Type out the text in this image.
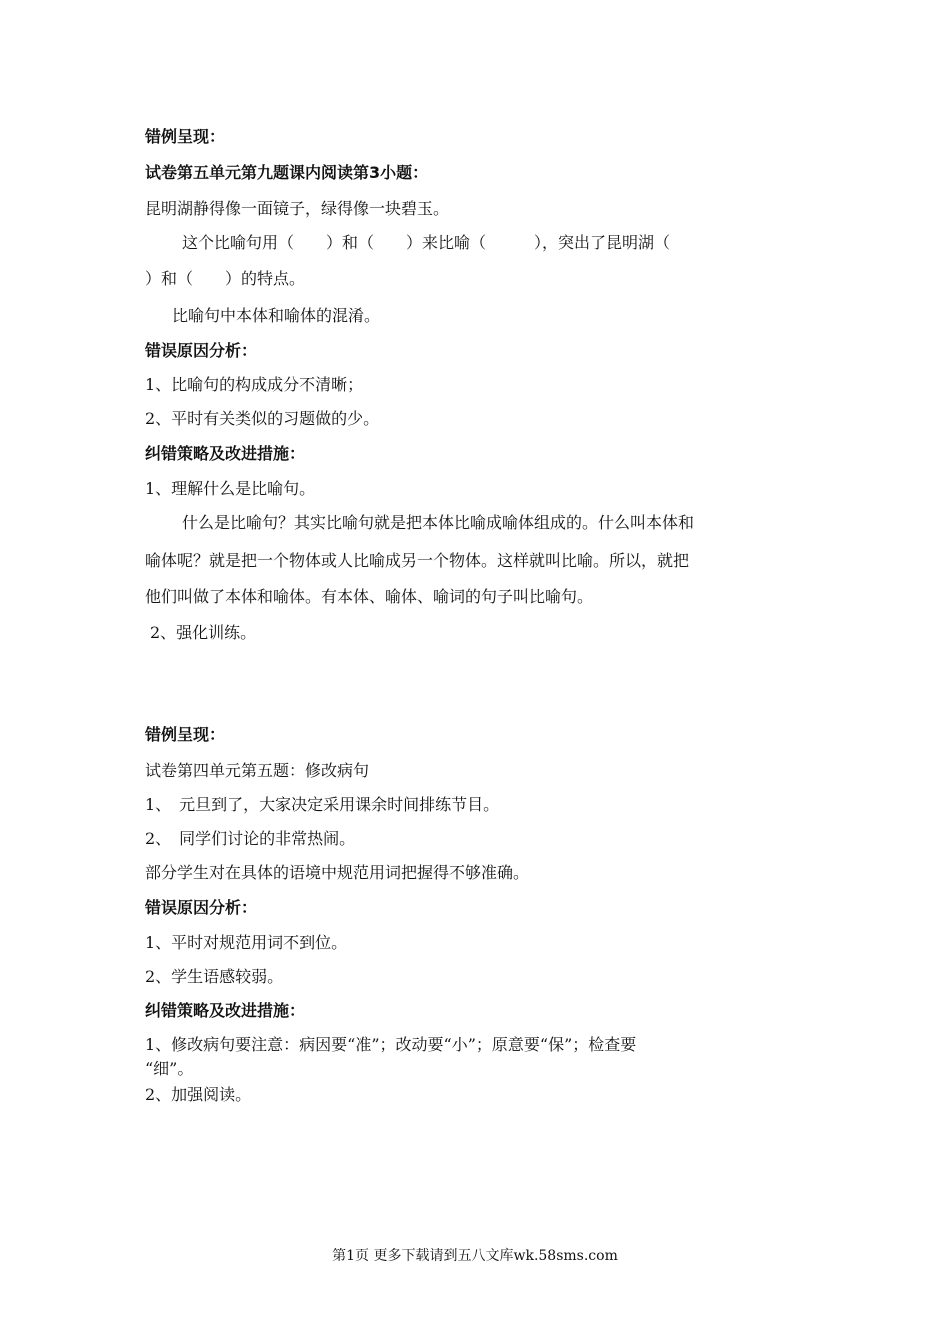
错例呈现：
试卷第五单元第九题课内阅读第3小题：
昆明湖静得像一面镜子，绿得像一块碧玉。
这个比喻句用（　　）和（　　）来比喻（　　　），突出了昆明湖（
）和（　　）的特点。
比喻句中本体和喻体的混淆。
错误原因分析：
1、比喻句的构成成分不清晰；
2、平时有关类似的习题做的少。
纠错策略及改进措施：
1、理解什么是比喻句。
什么是比喻句？其实比喻句就是把本体比喻成喻体组成的。什么叫本体和
喻体呢？就是把一个物体或人比喻成另一个物体。这样就叫比喻。所以，就把
他们叫做了本体和喻体。有本体、喻体、喻词的句子叫比喻句。
2、强化训练。
错例呈现：
试卷第四单元第五题：修改病句
1、　元旦到了，大家决定采用课余时间排练节目。
2、　同学们讨论的非常热闹。
部分学生对在具体的语境中规范用词把握得不够准确。
错误原因分析：
1、平时对规范用词不到位。
2、学生语感较弱。
纠错策略及改进措施：
1、修改病句要注意：病因要“准”；改动要“小”；原意要“保”；检查要
“细”。
2、加强阅读。
第1页 更多下载请到五八文库wk.58sms.com
